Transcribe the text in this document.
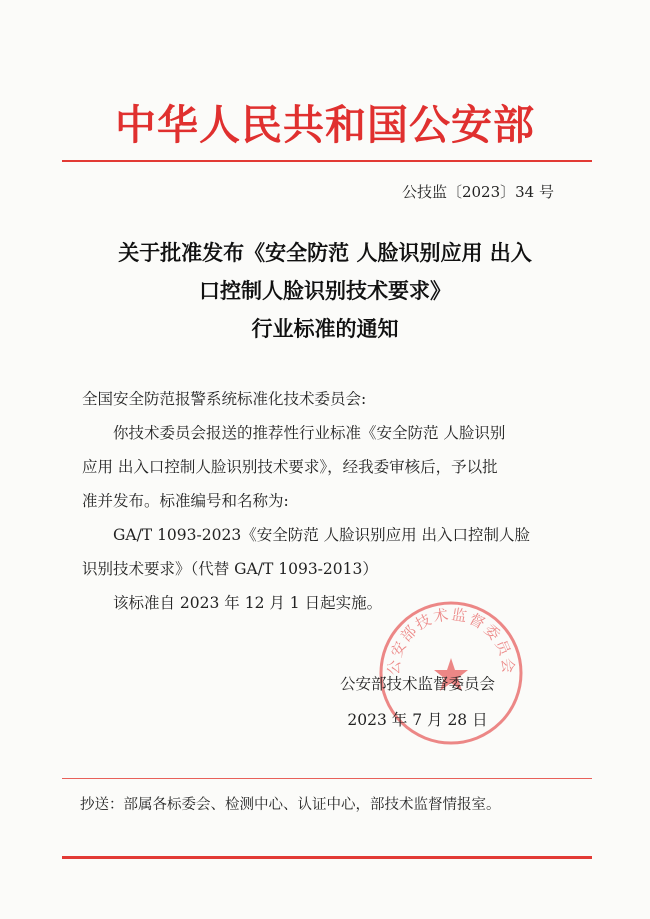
中华人民共和国公安部
公技监〔2023〕34 号
关于批准发布《安全防范 人脸识别应用 出入
口控制人脸识别技术要求》
行业标准的通知

全国安全防范报警系统标准化技术委员会:

你技术委员会报送的推荐性行业标准《安全防范 人脸识别

应用 出入口控制人脸识别技术要求》，经我委审核后，予以批

准并发布。标准编号和名称为:

GA/T 1093-2023《安全防范 人脸识别应用 出入口控制人脸

识别技术要求》（代替 GA/T 1093-2013）

该标准自 2023 年 12 月 1 日起实施。

公安部技术监督委员会
公安部技术监督委员会
2023 年 7 月 28 日
抄送：部属各标委会、检测中心、认证中心，部技术监督情报室。
